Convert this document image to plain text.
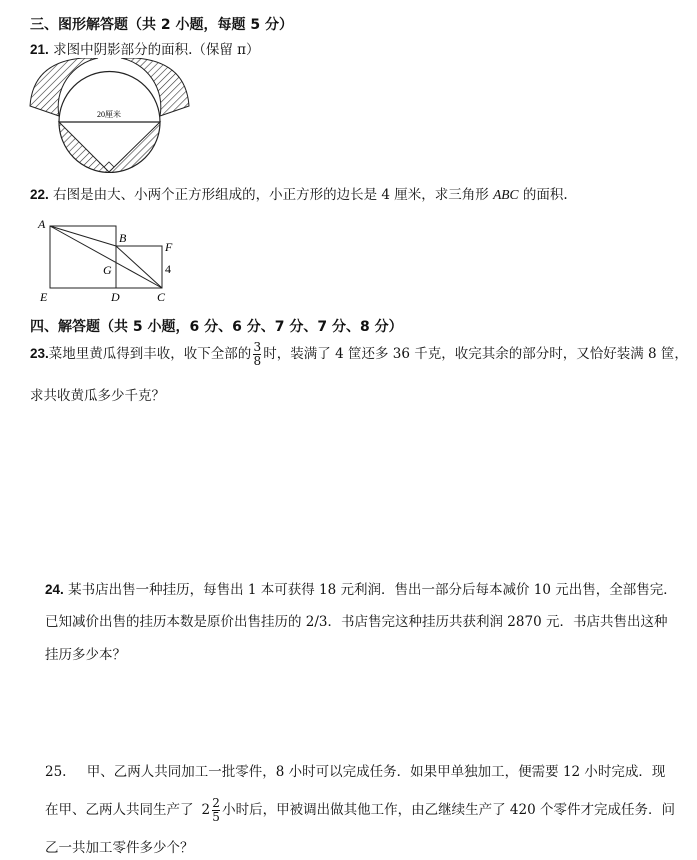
三、图形解答题（共 2 小题，每题 5 分）
21. 求图中阴影部分的面积.（保留 π）
20厘米
22. 右图是由大、小两个正方形组成的，小正方形的边长是 4 厘米，求三角形 ABC 的面积.
A
B
F
G	4
E	D	C
四、解答题（共 5 小题，6 分、6 分、7 分、7 分、8 分）
23.菜地里黄瓜得到丰收，收下全部的 $\frac{3}{8}$ 时，装满了 4 筐还多 36 千克，收完其余的部分时，又恰好装满 8 筐，
求共收黄瓜多少千克？
24. 某书店出售一种挂历，每售出 1 本可获得 18 元利润．售出一部分后每本减价 10 元出售，全部售完．
已知减价出售的挂历本数是原价出售挂历的 2/3．书店售完这种挂历共获利润 2870 元．书店共售出这种
挂历多少本？
25. 甲、乙两人共同加工一批零件，8 小时可以完成任务．如果甲单独加工，便需要 12 小时完成．现
在甲、乙两人共同生产了 $2 \frac{2}{5}$ 小时后，甲被调出做其他工作，由乙继续生产了 420 个零件才完成任务．问
乙一共加工零件多少个？
